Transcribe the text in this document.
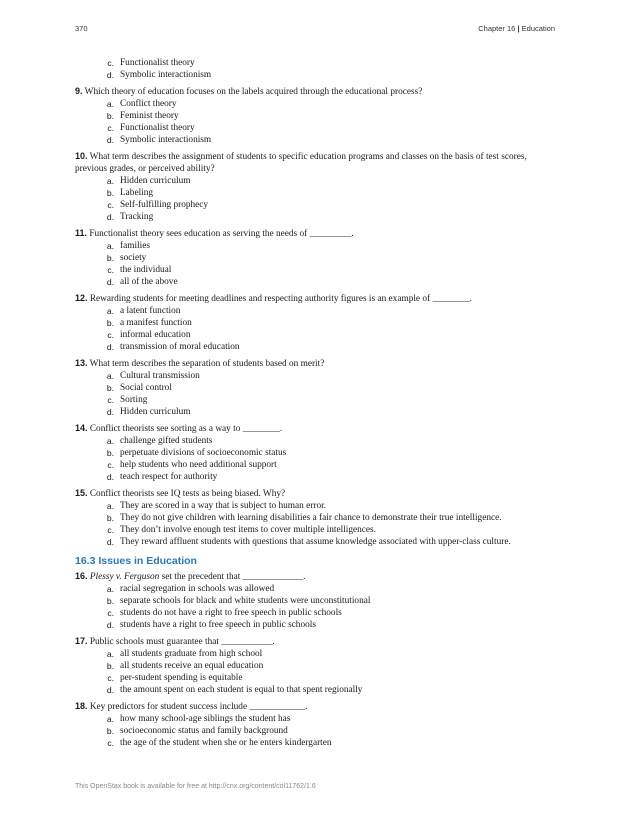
370	Chapter 16 | Education
c. Functionalist theory
d. Symbolic interactionism
9. Which theory of education focuses on the labels acquired through the educational process?
a. Conflict theory
b. Feminist theory
c. Functionalist theory
d. Symbolic interactionism
10. What term describes the assignment of students to specific education programs and classes on the basis of test scores, previous grades, or perceived ability?
a. Hidden curriculum
b. Labeling
c. Self-fulfilling prophecy
d. Tracking
11. Functionalist theory sees education as serving the needs of _________.
a. families
b. society
c. the individual
d. all of the above
12. Rewarding students for meeting deadlines and respecting authority figures is an example of ________.
a. a latent function
b. a manifest function
c. informal education
d. transmission of moral education
13. What term describes the separation of students based on merit?
a. Cultural transmission
b. Social control
c. Sorting
d. Hidden curriculum
14. Conflict theorists see sorting as a way to ________.
a. challenge gifted students
b. perpetuate divisions of socioeconomic status
c. help students who need additional support
d. teach respect for authority
15. Conflict theorists see IQ tests as being biased. Why?
a. They are scored in a way that is subject to human error.
b. They do not give children with learning disabilities a fair chance to demonstrate their true intelligence.
c. They don’t involve enough test items to cover multiple intelligences.
d. They reward affluent students with questions that assume knowledge associated with upper-class culture.
16.3 Issues in Education
16. Plessy v. Ferguson set the precedent that _____________.
a. racial segregation in schools was allowed
b. separate schools for black and white students were unconstitutional
c. students do not have a right to free speech in public schools
d. students have a right to free speech in public schools
17. Public schools must guarantee that ___________.
a. all students graduate from high school
b. all students receive an equal education
c. per-student spending is equitable
d. the amount spent on each student is equal to that spent regionally
18. Key predictors for student success include ____________.
a. how many school-age siblings the student has
b. socioeconomic status and family background
c. the age of the student when she or he enters kindergarten
This OpenStax book is available for free at http://cnx.org/content/col11762/1.6
